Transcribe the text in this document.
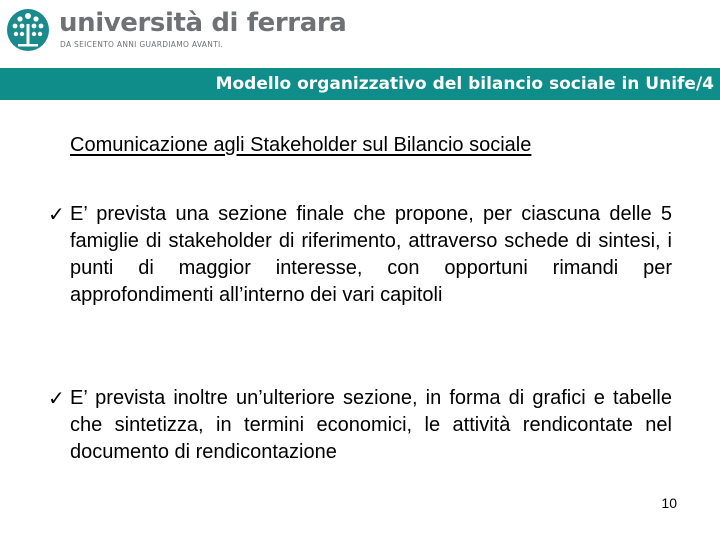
università di ferrara
DA SEICENTO ANNI GUARDIAMO AVANTI.
Modello organizzativo del bilancio sociale in Unife/4
Comunicazione agli Stakeholder sul Bilancio sociale
✓ E’ prevista una sezione finale che propone, per ciascuna delle 5 famiglie di stakeholder di riferimento, attraverso schede di sintesi, i punti di maggior interesse, con opportuni rimandi per approfondimenti all’interno dei vari capitoli
✓ E’ prevista inoltre un’ulteriore sezione, in forma di grafici e tabelle che sintetizza, in termini economici, le attività rendicontate nel documento di rendicontazione
10
